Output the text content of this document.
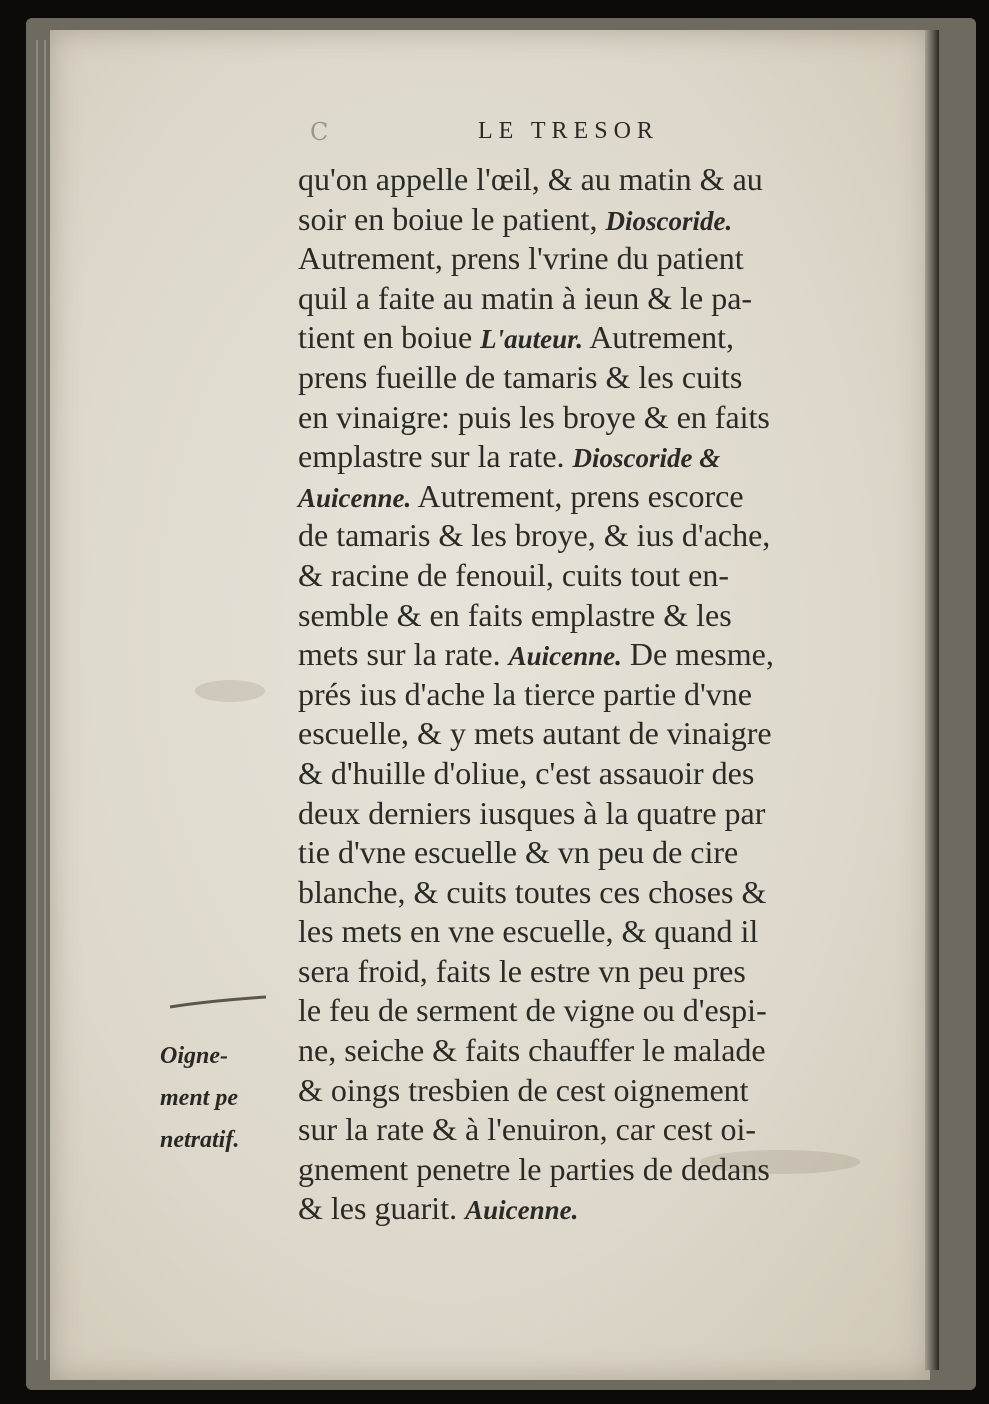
C	LE TRESOR
qu'on appelle l'œil, & au matin & au
soir en boiue le patient, Dioscoride.
Autrement, prens l'vrine du patient
quil a faite au matin à ieun & le pa-
tient en boiue L'auteur. Autrement,
prens fueille de tamaris & les cuits
en vinaigre: puis les broye & en faits
emplastre sur la rate. Dioscoride &
Auicenne. Autrement, prens escorce
de tamaris & les broye, & ius d'ache,
& racine de fenouil, cuits tout en-
semble & en faits emplastre & les
mets sur la rate. Auicenne. De mesme,
prés ius d'ache la tierce partie d'vne
escuelle, & y mets autant de vinaigre
& d'huille d'oliue, c'est assauoir des
deux derniers iusques à la quatre par
tie d'vne escuelle & vn peu de cire
blanche, & cuits toutes ces choses &
les mets en vne escuelle, & quand il
sera froid, faits le estre vn peu pres
le feu de serment de vigne ou d'espi-
ne, seiche & faits chauffer le malade
& oings tresbien de cest oignement
sur la rate & à l'enuiron, car cest oi-
gnement penetre le parties de dedans
& les guarit. Auicenne.
Oigne-
ment pe
netratif.
